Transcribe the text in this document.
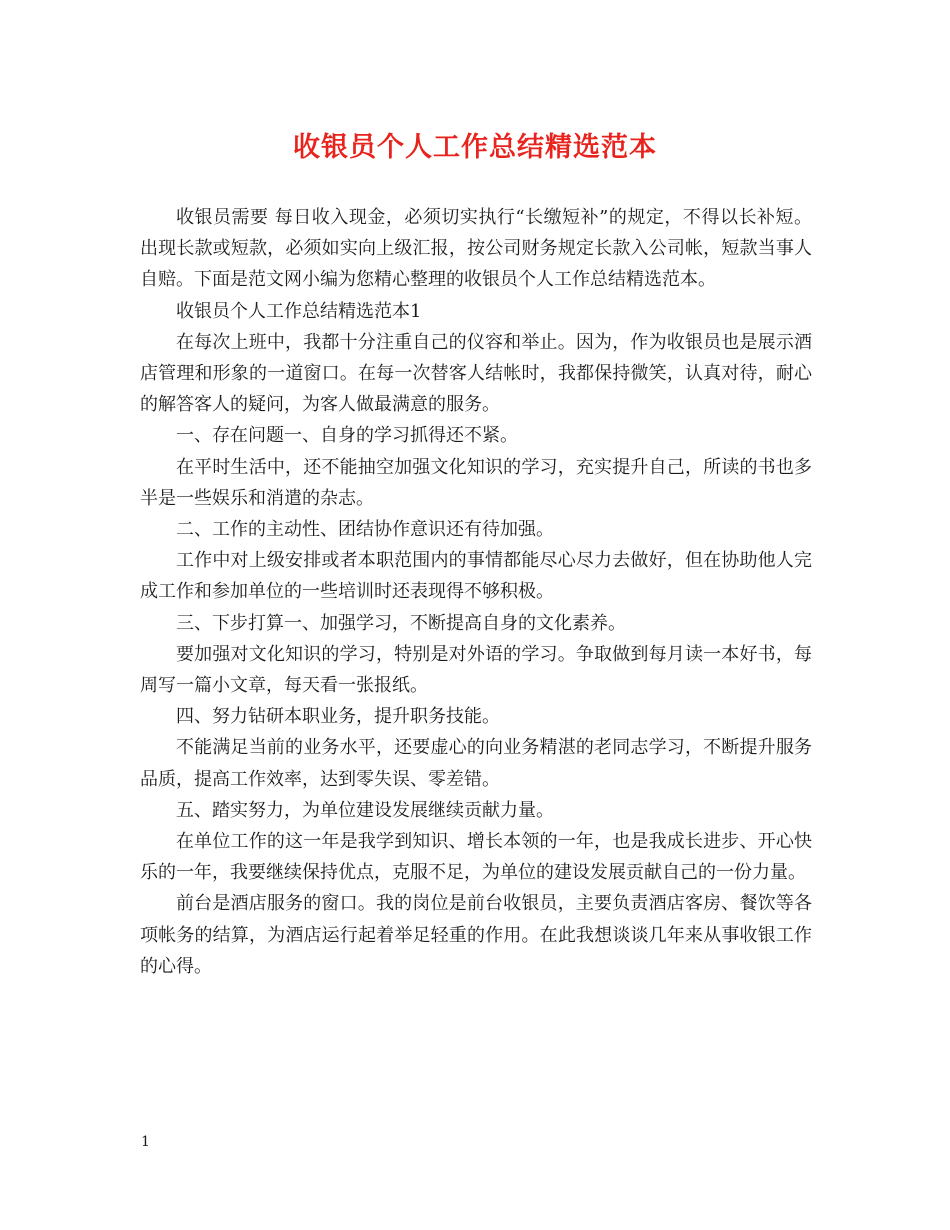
收银员个人工作总结精选范本

收银员需要 每日收入现金，必须切实执行“长缴短补”的规定，不得以长补短。出现长款或短款，必须如实向上级汇报，按公司财务规定长款入公司帐，短款当事人自赔。下面是范文网小编为您精心整理的收银员个人工作总结精选范本。

收银员个人工作总结精选范本1

在每次上班中，我都十分注重自己的仪容和举止。因为，作为收银员也是展示酒店管理和形象的一道窗口。在每一次替客人结帐时，我都保持微笑，认真对待，耐心的解答客人的疑问，为客人做最满意的服务。

一、存在问题一、自身的学习抓得还不紧。

在平时生活中，还不能抽空加强文化知识的学习，充实提升自己，所读的书也多半是一些娱乐和消遣的杂志。

二、工作的主动性、团结协作意识还有待加强。

工作中对上级安排或者本职范围内的事情都能尽心尽力去做好，但在协助他人完成工作和参加单位的一些培训时还表现得不够积极。

三、下步打算一、加强学习，不断提高自身的文化素养。

要加强对文化知识的学习，特别是对外语的学习。争取做到每月读一本好书，每周写一篇小文章，每天看一张报纸。

四、努力钻研本职业务，提升职务技能。

不能满足当前的业务水平，还要虚心的向业务精湛的老同志学习，不断提升服务品质，提高工作效率，达到零失误、零差错。

五、踏实努力，为单位建设发展继续贡献力量。

在单位工作的这一年是我学到知识、增长本领的一年，也是我成长进步、开心快乐的一年，我要继续保持优点，克服不足，为单位的建设发展贡献自己的一份力量。

前台是酒店服务的窗口。我的岗位是前台收银员，主要负责酒店客房、餐饮等各项帐务的结算，为酒店运行起着举足轻重的作用。在此我想谈谈几年来从事收银工作的心得。

1
